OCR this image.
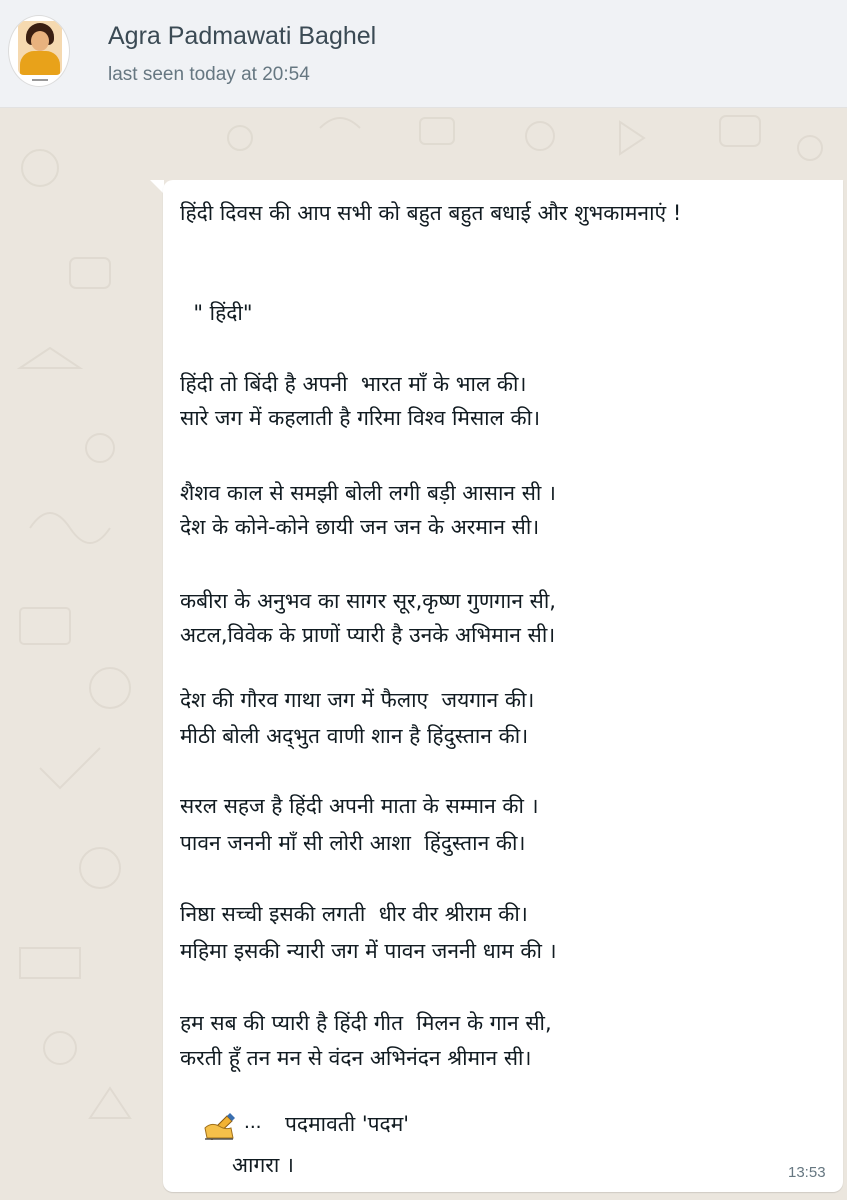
Agra Padmawati Baghel
last seen today at 20:54
हिंदी दिवस की आप सभी को बहुत बहुत बधाई और शुभकामनाएं !
" हिंदी"
हिंदी तो बिंदी है अपनी  भारत माँ के भाल की।
सारे जग में कहलाती है गरिमा विश्व मिसाल की।
शैशव काल से समझी बोली लगी बड़ी आसान सी ।
देश के कोने-कोने छायी जन जन के अरमान सी।
कबीरा के अनुभव का सागर सूर,कृष्ण गुणगान सी,
अटल,विवेक के प्राणों प्यारी है उनके अभिमान सी।
देश की गौरव गाथा जग में फैलाए  जयगान की।
मीठी बोली अद्‌भुत वाणी शान है हिंदुस्तान की।
सरल सहज है हिंदी अपनी माता के सम्मान की ।
पावन जननी माँ सी लोरी आशा  हिंदुस्तान की।
निष्ठा सच्ची इसकी लगती  धीर वीर श्रीराम की।
महिमा इसकी न्यारी जग में पावन जननी धाम की ।
हम सब की प्यारी है हिंदी गीत  मिलन के गान सी,
करती हूँ तन मन से वंदन अभिनंदन श्रीमान सी।
... पदमावती 'पदम'
आगरा ।	13:53
